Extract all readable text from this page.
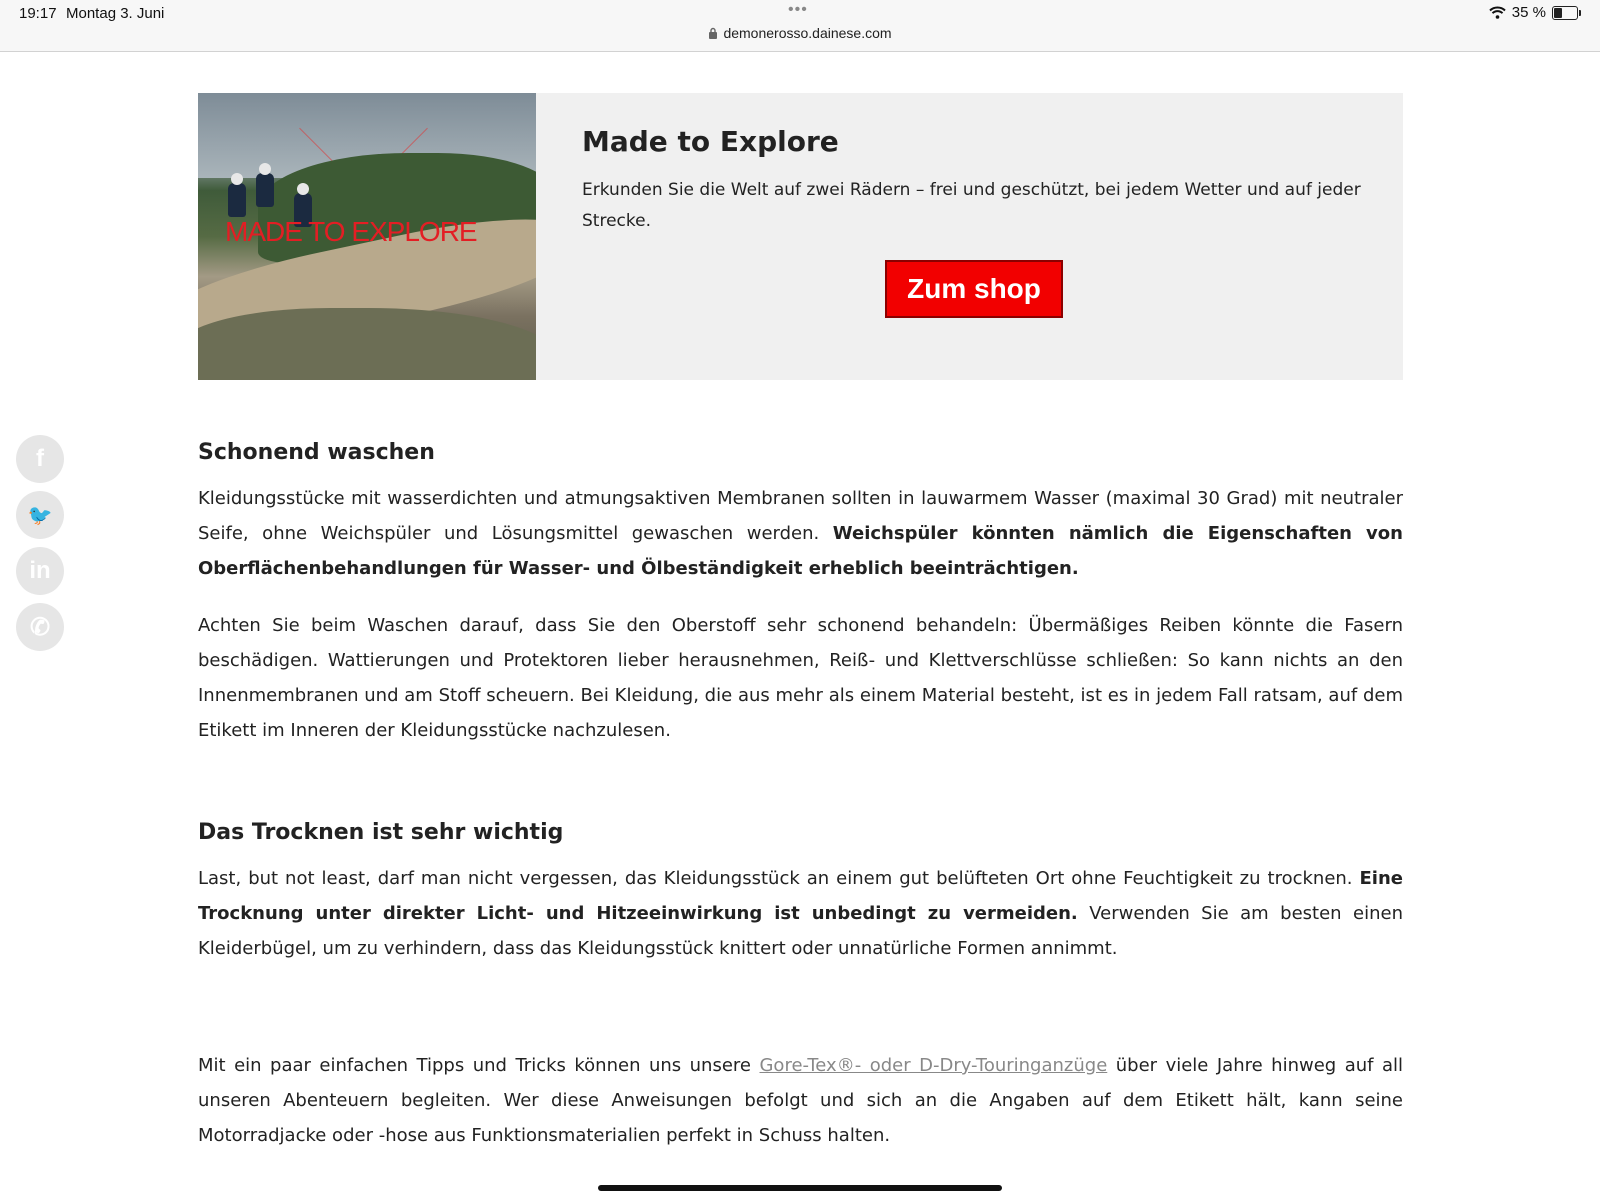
19:17 Montag 3. Juni	•••
demonerosso.dainese.com
35 %
MADE TO EXPLORE
Made to Explore

Erkunden Sie die Welt auf zwei Rädern – frei und geschützt, bei jedem Wetter und auf jeder Strecke.

Zum shop
f
🐦
in
✆
Schonend waschen

Kleidungsstücke mit wasserdichten und atmungsaktiven Membranen sollten in lauwarmem Wasser (maximal 30 Grad) mit neutraler Seife, ohne Weichspüler und Lösungsmittel gewaschen werden. Weichspüler könnten nämlich die Eigenschaften von Oberflächenbehandlungen für Wasser- und Ölbeständigkeit erheblich beeinträchtigen.

Achten Sie beim Waschen darauf, dass Sie den Oberstoff sehr schonend behandeln: Übermäßiges Reiben könnte die Fasern beschädigen. Wattierungen und Protektoren lieber herausnehmen, Reiß- und Klettverschlüsse schließen: So kann nichts an den Innenmembranen und am Stoff scheuern. Bei Kleidung, die aus mehr als einem Material besteht, ist es in jedem Fall ratsam, auf dem Etikett im Inneren der Kleidungsstücke nachzulesen.

Das Trocknen ist sehr wichtig

Last, but not least, darf man nicht vergessen, das Kleidungsstück an einem gut belüfteten Ort ohne Feuchtigkeit zu trocknen. Eine Trocknung unter direkter Licht- und Hitzeeinwirkung ist unbedingt zu vermeiden. Verwenden Sie am besten einen Kleiderbügel, um zu verhindern, dass das Kleidungsstück knittert oder unnatürliche Formen annimmt.

Mit ein paar einfachen Tipps und Tricks können uns unsere Gore-Tex®- oder D-Dry-Touringanzüge über viele Jahre hinweg auf all unseren Abenteuern begleiten. Wer diese Anweisungen befolgt und sich an die Angaben auf dem Etikett hält, kann seine Motorradjacke oder -hose aus Funktionsmaterialien perfekt in Schuss halten.
